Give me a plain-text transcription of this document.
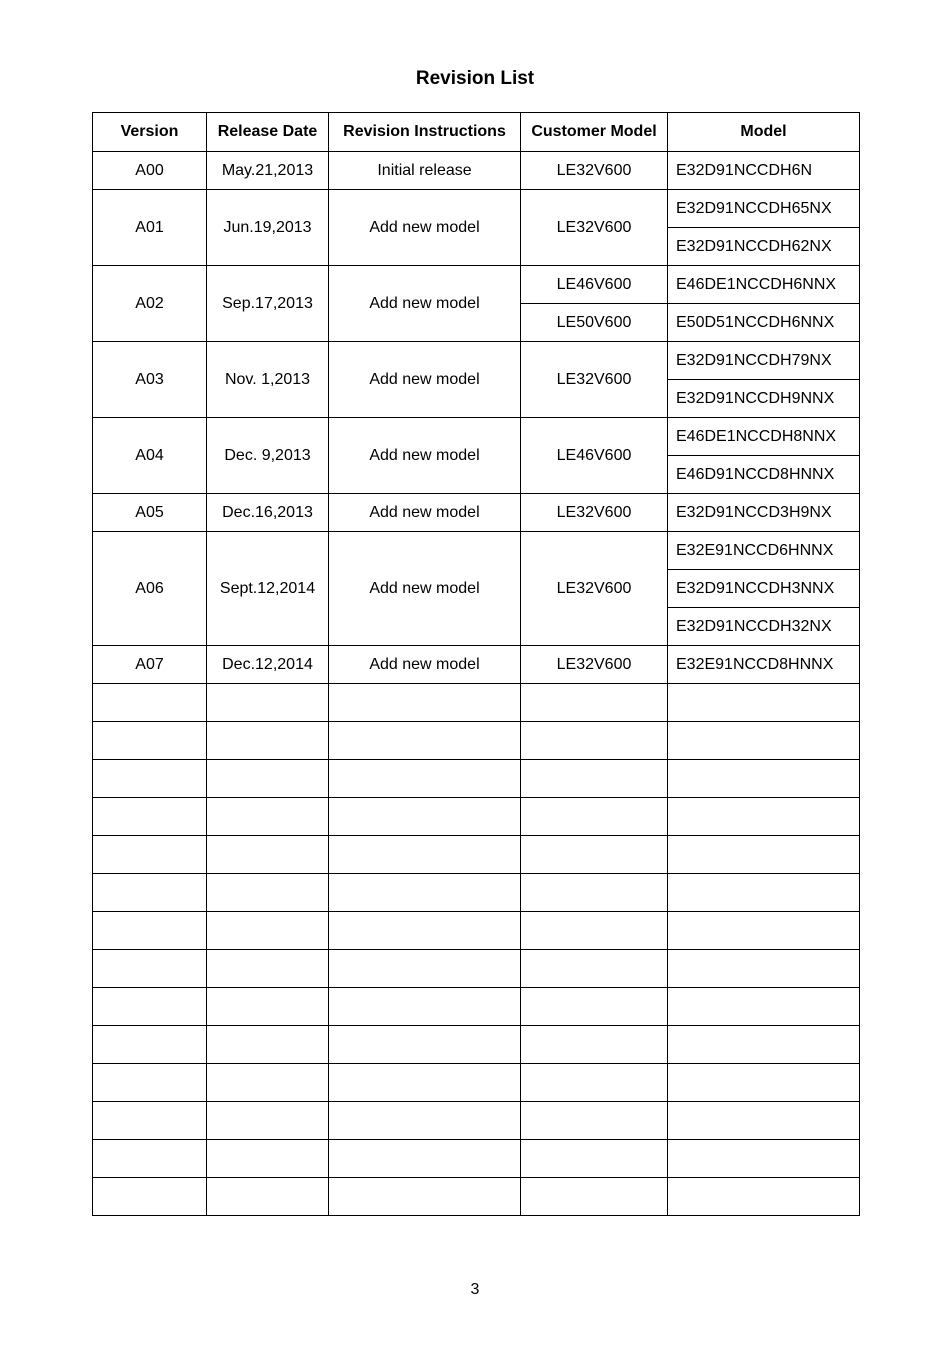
Revision List
Version	Release Date	Revision Instructions	Customer Model	Model
A00	May.21,2013	Initial release	LE32V600	E32D91NCCDH6N
A01	Jun.19,2013	Add new model	LE32V600	E32D91NCCDH65NX
				E32D91NCCDH62NX
A02	Sep.17,2013	Add new model	LE46V600	E46DE1NCCDH6NNX
			LE50V600	E50D51NCCDH6NNX
A03	Nov. 1,2013	Add new model	LE32V600	E32D91NCCDH79NX
				E32D91NCCDH9NNX
A04	Dec. 9,2013	Add new model	LE46V600	E46DE1NCCDH8NNX
				E46D91NCCD8HNNX
A05	Dec.16,2013	Add new model	LE32V600	E32D91NCCD3H9NX
A06	Sept.12,2014	Add new model	LE32V600	E32E91NCCD6HNNX
				E32D91NCCDH3NNX
				E32D91NCCDH32NX
A07	Dec.12,2014	Add new model	LE32V600	E32E91NCCD8HNNX

3
